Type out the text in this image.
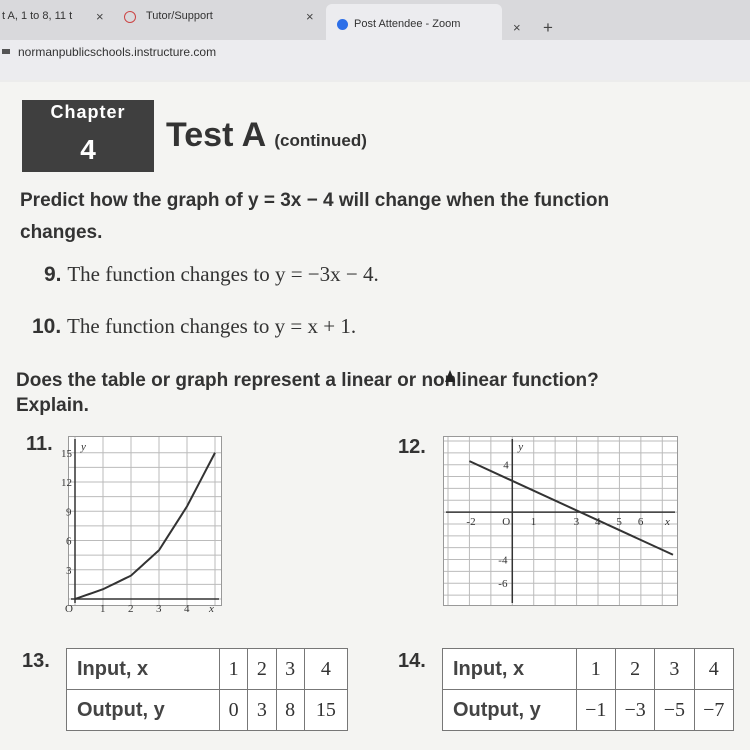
t A, 1 to 8, 11 t ×	Tutor/Support	×	Post Attendee - Zoom	× +
normanpublicschools.instructure.com
Chapter
4	Test A (continued)
Predict how the graph of y = 3x − 4 will change when the function
changes.
9. The function changes to y = −3x − 4.
10. The function changes to y = x + 1.
Does the table or graph represent a linear or nonlinear function?
Explain.
11.	12.
x
y
O 1 2 3 4
3
6
9
12
15
x
y
O
-2	1	3 4 5 6
4
-4
-6
13. Input, x	1	2	3	4
Output, y	0	3	8	15
14. Input, x	1	2	3	4
Output, y	−1	−3	−5	−7
